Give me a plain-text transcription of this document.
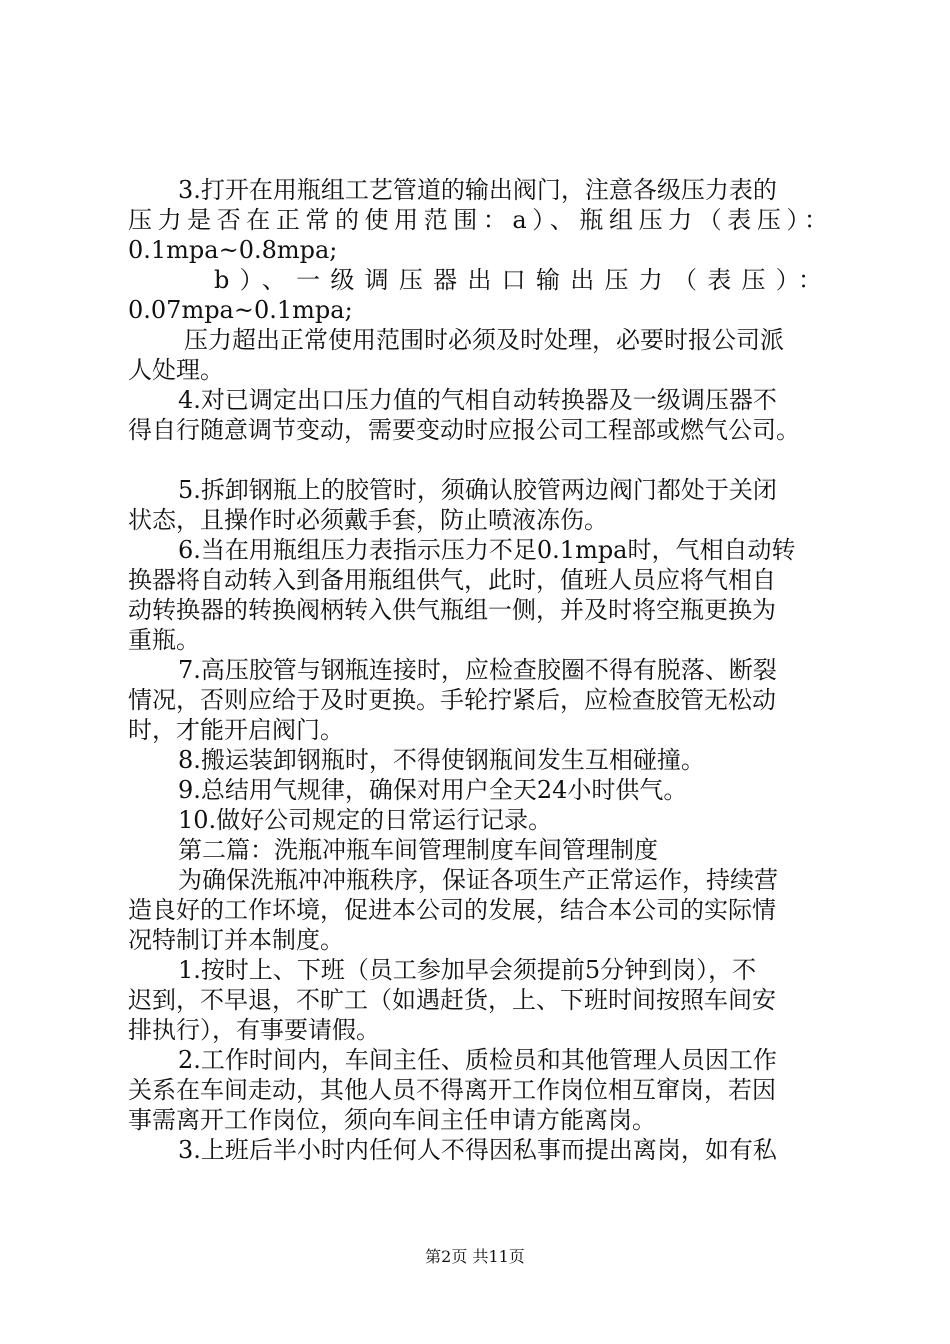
3.打开在用瓶组工艺管道的输出阀门，注意各级压力表的
压力是否在正常的使用范围：a）、瓶组压力（表压）：
0.1mpa~0.8mpa;
b）、一级调压器出口输出压力（表压）：
0.07mpa~0.1mpa;
压力超出正常使用范围时必须及时处理，必要时报公司派
人处理。
4.对已调定出口压力值的气相自动转换器及一级调压器不
得自行随意调节变动，需要变动时应报公司工程部或燃气公司。
5.拆卸钢瓶上的胶管时，须确认胶管两边阀门都处于关闭
状态，且操作时必须戴手套，防止喷液冻伤。
6.当在用瓶组压力表指示压力不足0.1mpa时，气相自动转
换器将自动转入到备用瓶组供气，此时，值班人员应将气相自
动转换器的转换阀柄转入供气瓶组一侧，并及时将空瓶更换为
重瓶。
7.高压胶管与钢瓶连接时，应检查胶圈不得有脱落、断裂
情况，否则应给于及时更换。手轮拧紧后，应检查胶管无松动
时，才能开启阀门。
8.搬运装卸钢瓶时，不得使钢瓶间发生互相碰撞。
9.总结用气规律，确保对用户全天24小时供气。
10.做好公司规定的日常运行记录。
第二篇：洗瓶冲瓶车间管理制度车间管理制度
为确保洗瓶冲冲瓶秩序，保证各项生产正常运作，持续营
造良好的工作坏境，促进本公司的发展，结合本公司的实际情
况特制订并本制度。
1.按时上、下班（员工参加早会须提前5分钟到岗），不
迟到，不早退，不旷工（如遇赶货，上、下班时间按照车间安
排执行），有事要请假。
2.工作时间内，车间主任、质检员和其他管理人员因工作
关系在车间走动，其他人员不得离开工作岗位相互窜岗，若因
事需离开工作岗位，须向车间主任申请方能离岗。
3.上班后半小时内任何人不得因私事而提出离岗，如有私
第2页 共11页
